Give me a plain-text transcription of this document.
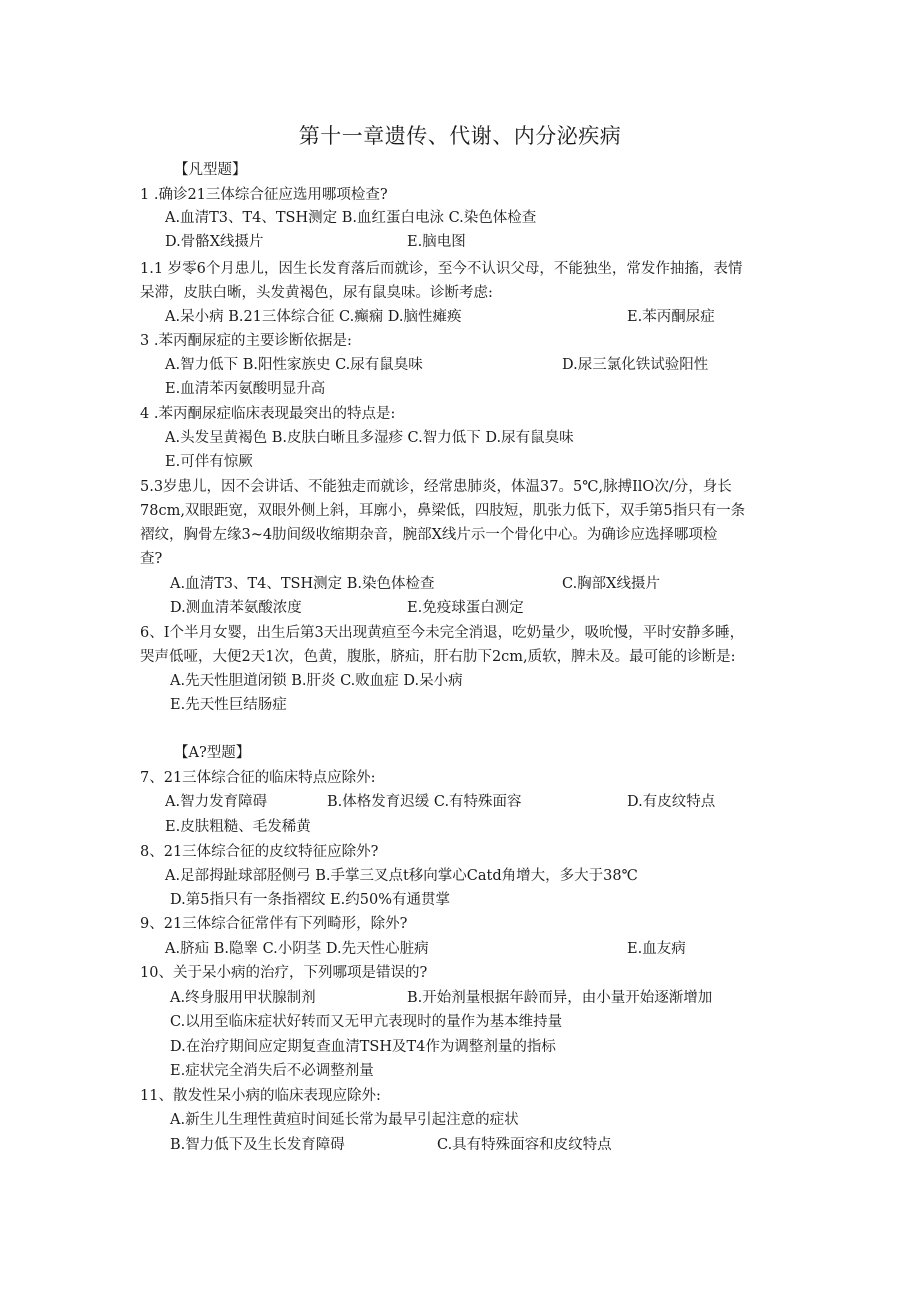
第十一章遗传、代谢、内分泌疾病
【凡型题】
1 .确诊21三体综合征应选用哪项检查?
A.血清T3、T4、TSH测定 B.血红蛋白电泳 C.染色体检查
D.骨骼X线摄片	E.脑电图
1.1 岁零6个月患儿，因生长发育落后而就诊，至今不认识父母，不能独坐，常发作抽搐，表情
呆滞，皮肤白晰，头发黄褐色，尿有鼠臭味。诊断考虑:
A.呆小病 B.21三体综合征 C.癫痫 D.脑性瘫痪	E.苯丙酮尿症
3 .苯丙酮尿症的主要诊断依据是:
A.智力低下 B.阳性家族史 C.尿有鼠臭味	D.尿三氯化铁试验阳性
E.血清苯丙氨酸明显升高
4 .苯丙酮尿症临床表现最突出的特点是:
A.头发呈黄褐色 B.皮肤白晰且多湿疹 C.智力低下 D.尿有鼠臭味
E.可伴有惊厥
5.3岁患儿，因不会讲话、不能独走而就诊，经常患肺炎，体温37。5℃,脉搏IlO次/分，身长
78cm,双眼距宽，双眼外侧上斜，耳廓小，鼻梁低，四肢短，肌张力低下，双手第5指只有一条
褶纹，胸骨左缘3~4肋间级收缩期杂音，腕部X线片示一个骨化中心。为确诊应选择哪项检
查?
A.血清T3、T4、TSH测定 B.染色体检查	C.胸部X线摄片
D.测血清苯氨酸浓度	E.免疫球蛋白测定
6、I个半月女婴，出生后第3天出现黄疸至今未完全消退，吃奶量少，吸吮慢，平时安静多睡，
哭声低哑，大便2天1次，色黄，腹胀，脐疝，肝右肋下2cm,质软，脾未及。最可能的诊断是:
A.先天性胆道闭锁 B.肝炎 C.败血症 D.呆小病
E.先天性巨结肠症
【A?型题】
7、21三体综合征的临床特点应除外:
A.智力发育障碍	B.体格发育迟缓 C.有特殊面容	D.有皮纹特点
E.皮肤粗糙、毛发稀黄
8、21三体综合征的皮纹特征应除外?
A.足部拇趾球部胫侧弓 B.手掌三叉点t移向掌心Catd角增大，多大于38℃
D.第5指只有一条指褶纹 E.约50%有通贯掌
9、21三体综合征常伴有下列畸形，除外?
A.脐疝 B.隐睾 C.小阴茎 D.先天性心脏病	E.血友病
10、关于呆小病的治疗，下列哪项是错误的?
A.终身服用甲状腺制剂	B.开始剂量根据年龄而异，由小量开始逐渐增加
C.以用至临床症状好转而又无甲亢表现时的量作为基本维持量
D.在治疗期间应定期复查血清TSH及T4作为调整剂量的指标
E.症状完全消失后不必调整剂量
11、散发性呆小病的临床表现应除外:
A.新生儿生理性黄疸时间延长常为最早引起注意的症状
B.智力低下及生长发育障碍	C.具有特殊面容和皮纹特点
